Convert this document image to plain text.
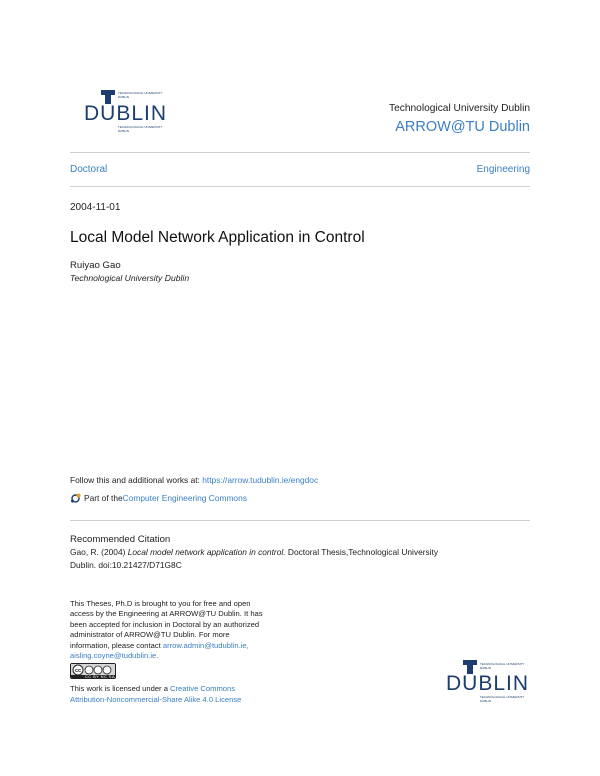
TECHNOLOGICAL UNIVERSITY
DUBLIN
DUBLIN
TECHNOLOGICAL UNIVERSITY
DUBLIN
Technological University Dublin
ARROW@TU Dublin
Doctoral	Engineering
2004-11-01
Local Model Network Application in Control
Ruiyao Gao
Technological University Dublin
Follow this and additional works at: https://arrow.tudublin.ie/engdoc
Part of the Computer Engineering Commons
Recommended Citation
Gao, R. (2004) Local model network application in control. Doctoral Thesis,Technological University
Dublin. doi:10.21427/D71G8C
This Theses, Ph.D is brought to you for free and open
access by the Engineering at ARROW@TU Dublin. It has
been accepted for inclusion in Doctoral by an authorized
administrator of ARROW@TU Dublin. For more
information, please contact arrow.admin@tudublin.ie,
aisling.coyne@tudublin.ie.
cc
CC BY NC SA
This work is licensed under a Creative Commons
Attribution-Noncommercial-Share Alike 4.0 License
TECHNOLOGICAL UNIVERSITY
DUBLIN
DUBLIN
TECHNOLOGICAL UNIVERSITY
DUBLIN
